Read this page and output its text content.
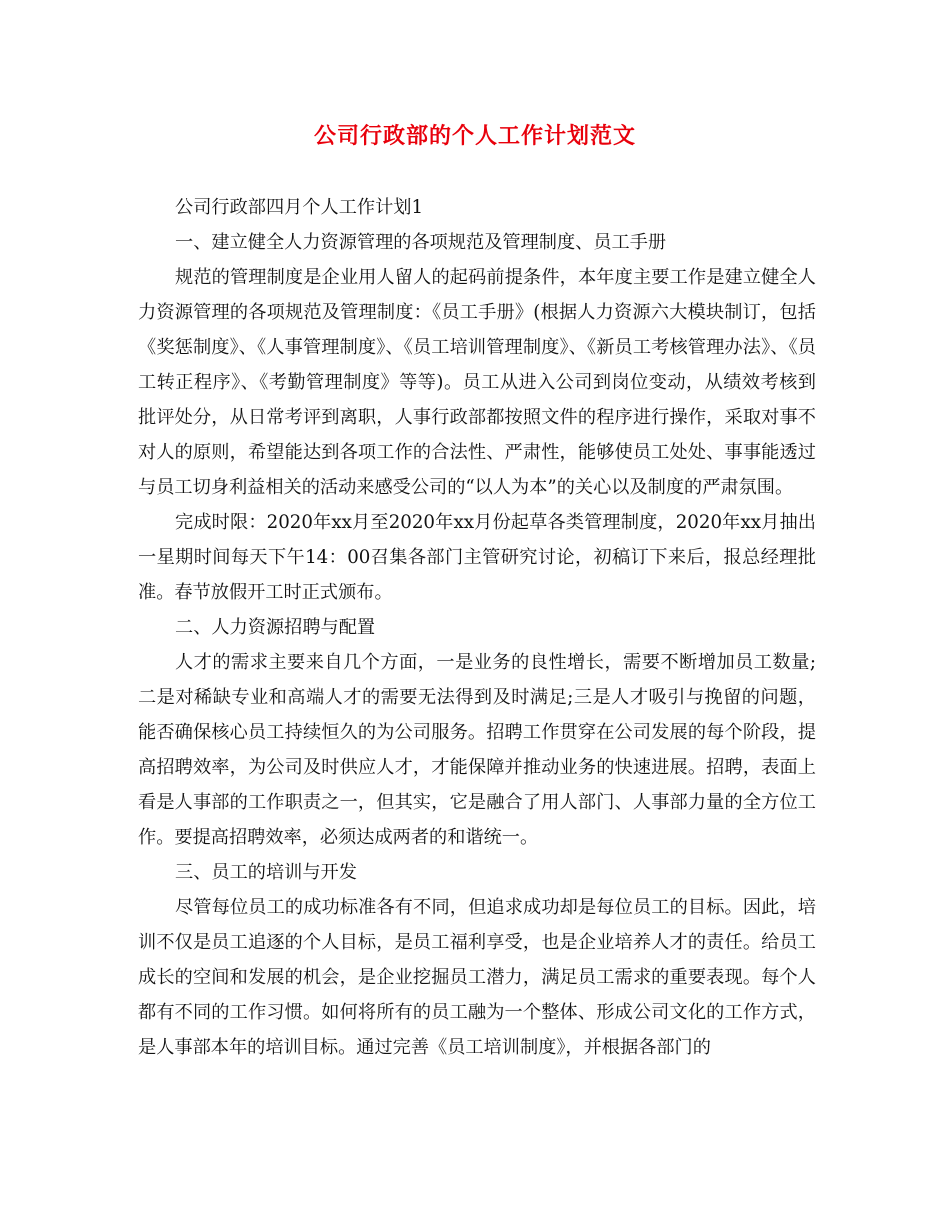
公司行政部的个人工作计划范文

公司行政部四月个人工作计划1

一、建立健全人力资源管理的各项规范及管理制度、员工手册

规范的管理制度是企业用人留人的起码前提条件，本年度主要工作是建立健全人力资源管理的各项规范及管理制度：《员工手册》(根据人力资源六大模块制订，包括《奖惩制度》、《人事管理制度》、《员工培训管理制度》、《新员工考核管理办法》、《员工转正程序》、《考勤管理制度》等等)。员工从进入公司到岗位变动，从绩效考核到批评处分，从日常考评到离职，人事行政部都按照文件的程序进行操作，采取对事不对人的原则，希望能达到各项工作的合法性、严肃性，能够使员工处处、事事能透过与员工切身利益相关的活动来感受公司的“以人为本”的关心以及制度的严肃氛围。

完成时限：2020年xx月至2020年xx月份起草各类管理制度，2020年xx月抽出一星期时间每天下午14：00召集各部门主管研究讨论，初稿订下来后，报总经理批准。春节放假开工时正式颁布。

二、人力资源招聘与配置

人才的需求主要来自几个方面，一是业务的良性增长，需要不断增加员工数量;二是对稀缺专业和高端人才的需要无法得到及时满足;三是人才吸引与挽留的问题，能否确保核心员工持续恒久的为公司服务。招聘工作贯穿在公司发展的每个阶段，提高招聘效率，为公司及时供应人才，才能保障并推动业务的快速进展。招聘，表面上看是人事部的工作职责之一，但其实，它是融合了用人部门、人事部力量的全方位工作。要提高招聘效率，必须达成两者的和谐统一。

三、员工的培训与开发

尽管每位员工的成功标准各有不同，但追求成功却是每位员工的目标。因此，培训不仅是员工追逐的个人目标，是员工福利享受，也是企业培养人才的责任。给员工成长的空间和发展的机会，是企业挖掘员工潜力，满足员工需求的重要表现。每个人都有不同的工作习惯。如何将所有的员工融为一个整体、形成公司文化的工作方式，是人事部本年的培训目标。通过完善《员工培训制度》，并根据各部门的
